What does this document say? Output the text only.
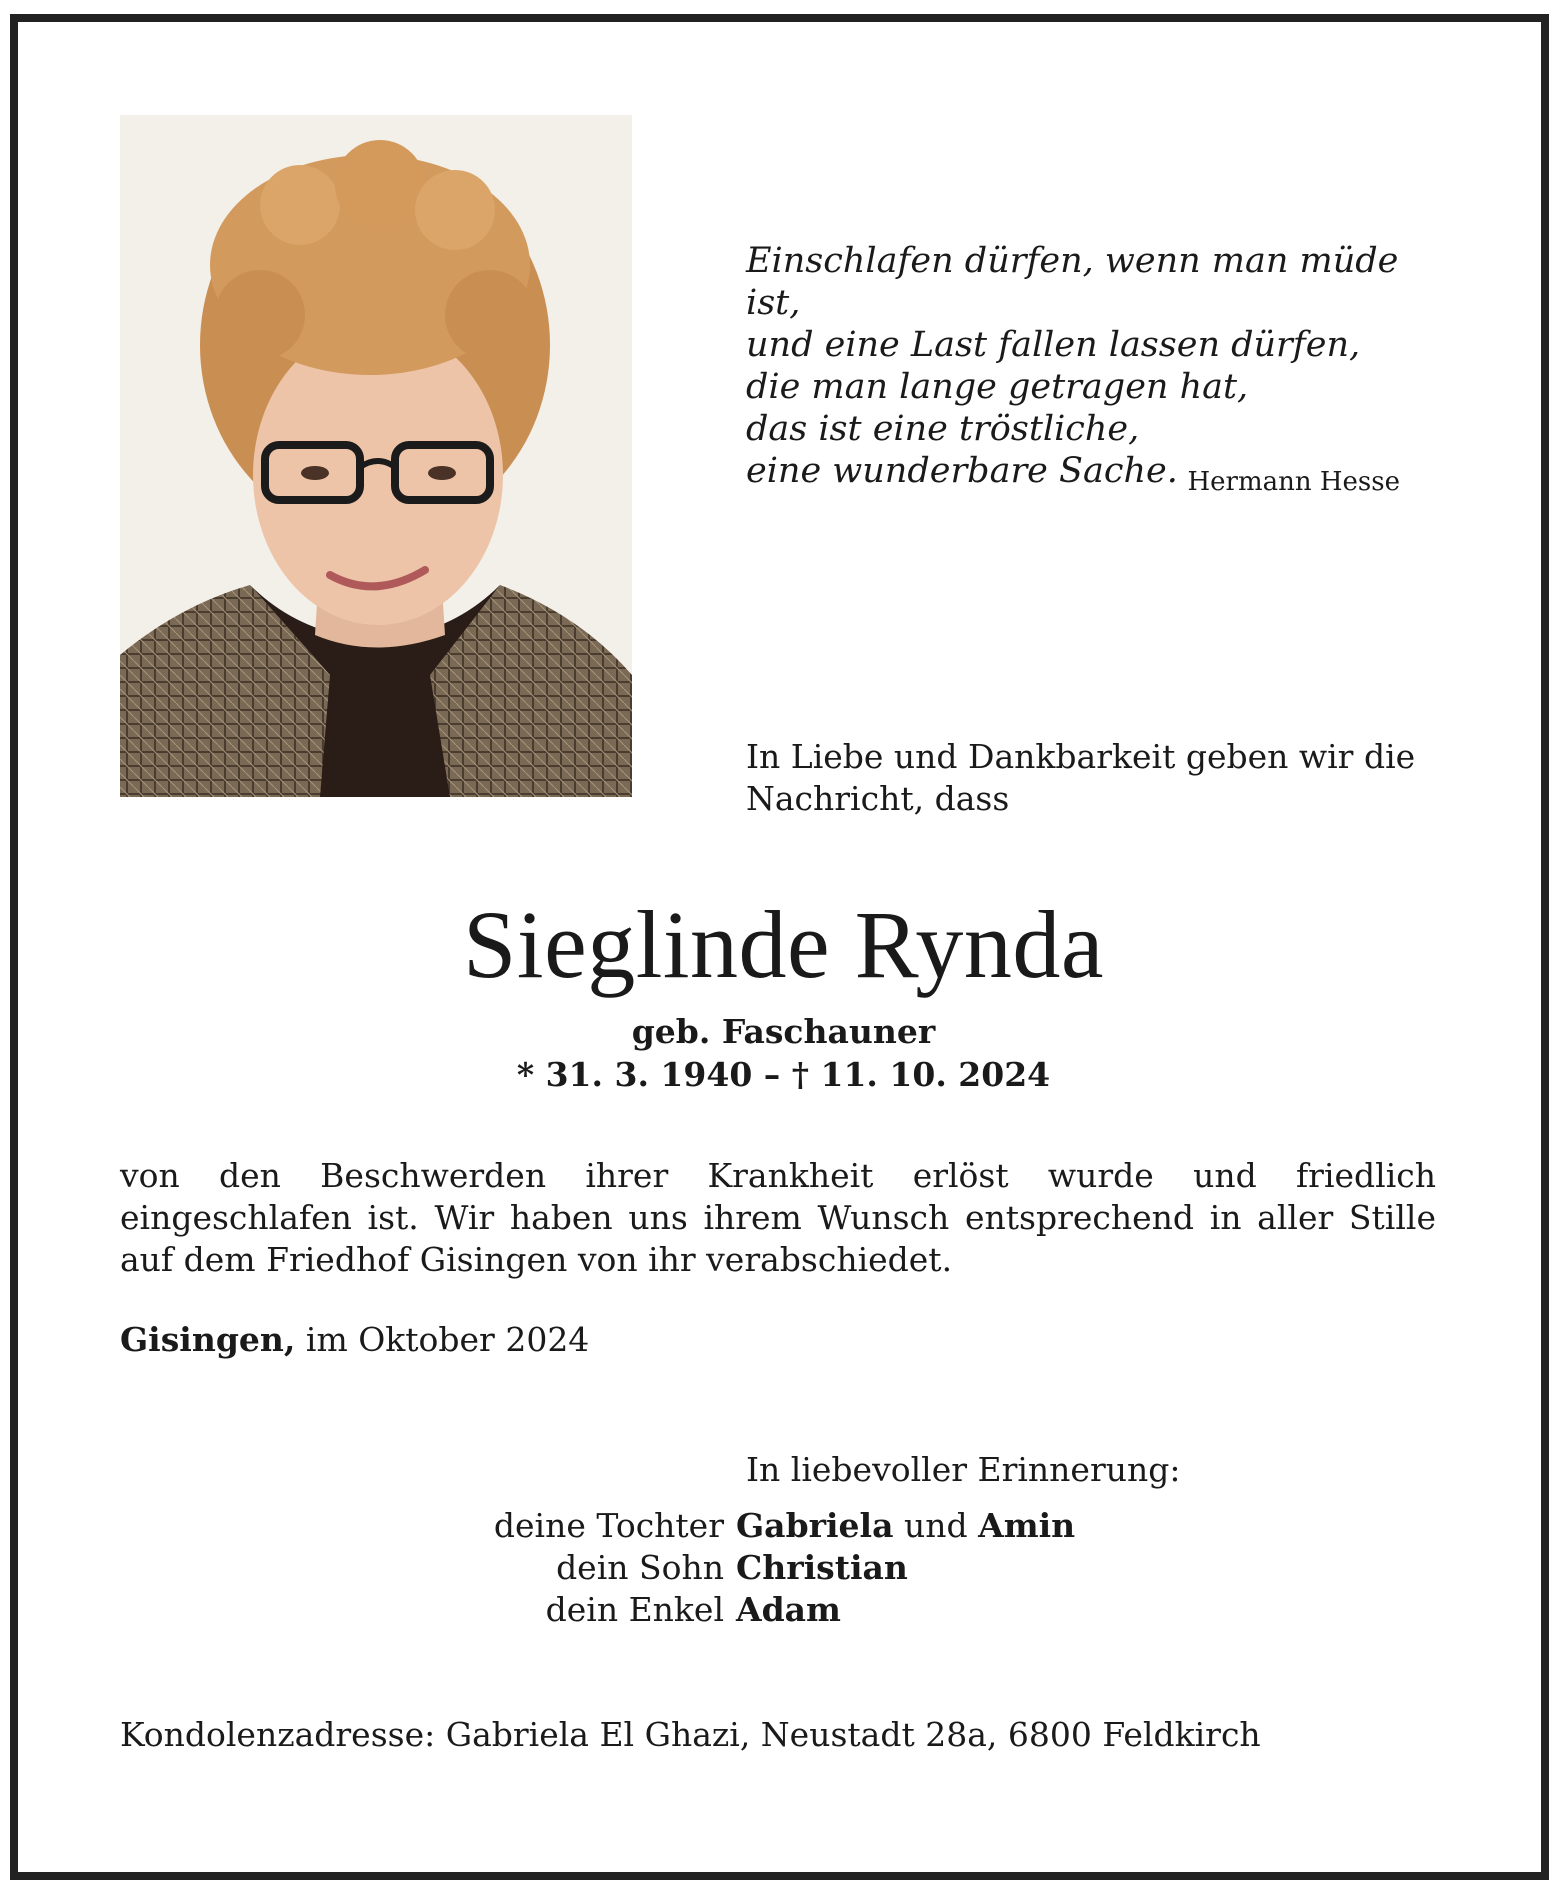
Einschlafen dürfen, wenn man müde ist,
und eine Last fallen lassen dürfen,
die man lange getragen hat,
das ist eine tröstliche,
eine wunderbare Sache. Hermann Hesse
In Liebe und Dankbarkeit geben wir die Nachricht, dass
Sieglinde Rynda
geb. Faschauner
* 31. 3. 1940 – † 11. 10. 2024
von den Beschwerden ihrer Krankheit erlöst wurde und friedlich eingeschlafen ist. Wir haben uns ihrem Wunsch entsprechend in aller Stille auf dem Friedhof Gisingen von ihr verabschiedet.
Gisingen, im Oktober 2024
In liebevoller Erinnerung:
deine Tochter Gabriela und Amin
dein Sohn Christian
dein Enkel Adam
Kondolenzadresse: Gabriela El Ghazi, Neustadt 28a, 6800 Feldkirch
